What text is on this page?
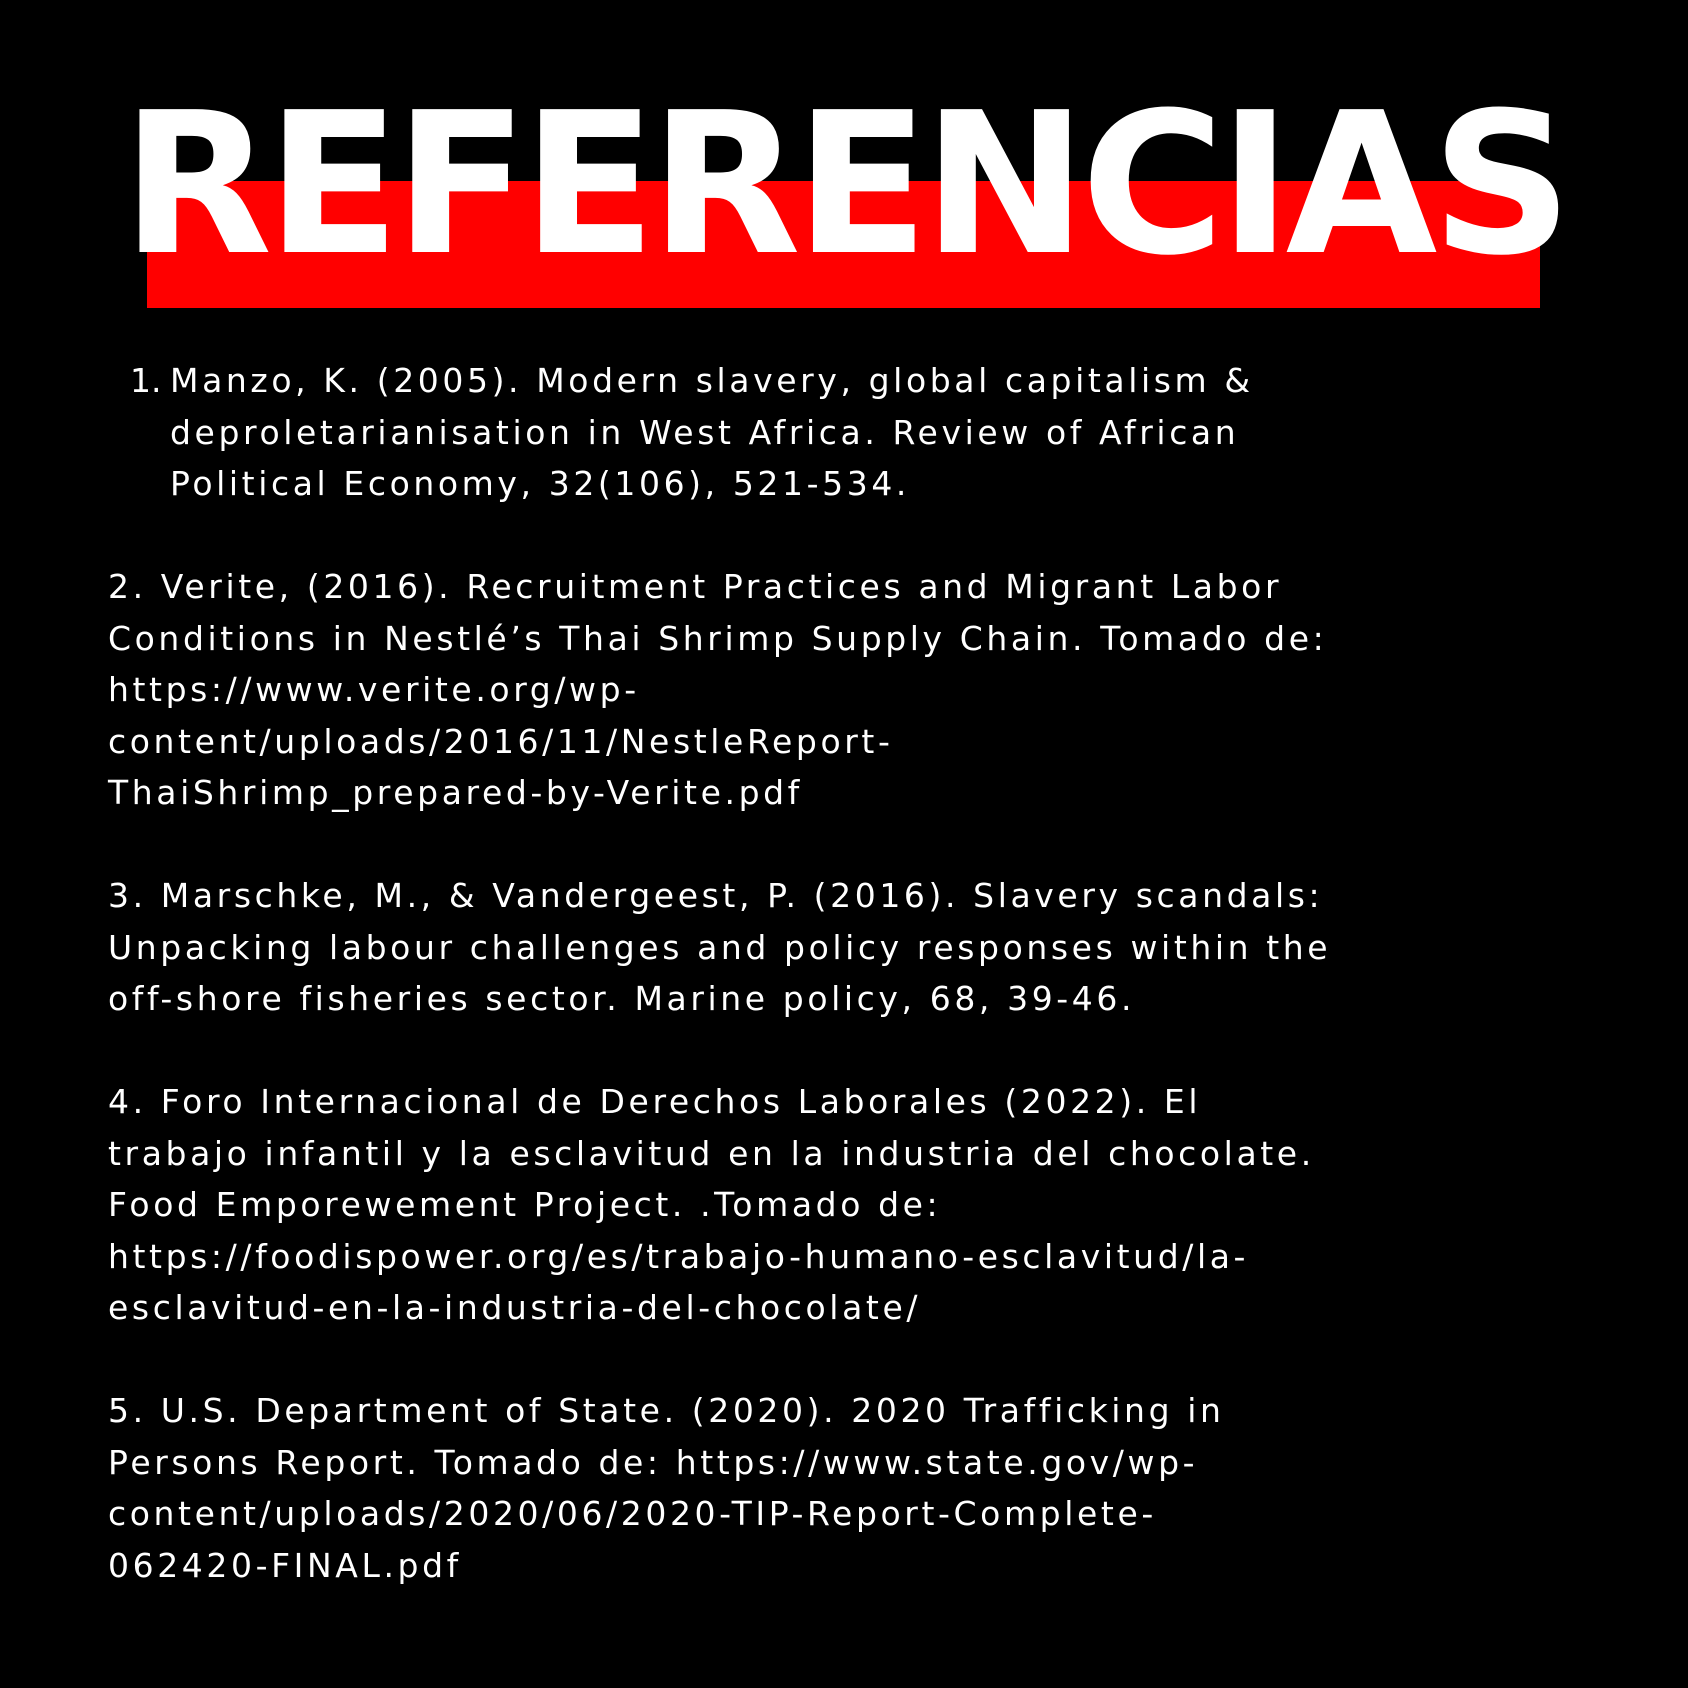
REFERENCIAS
1. Manzo, K. (2005). Modern slavery, global capitalism &
deproletarianisation in West Africa. Review of African
Political Economy, 32(106), 521-534.
2. Verite, (2016). Recruitment Practices and Migrant Labor
Conditions in Nestlé’s Thai Shrimp Supply Chain. Tomado de:
https://www.verite.org/wp-
content/uploads/2016/11/NestleReport-
ThaiShrimp_prepared-by-Verite.pdf
3. Marschke, M., & Vandergeest, P. (2016). Slavery scandals:
Unpacking labour challenges and policy responses within the
off-shore fisheries sector. Marine policy, 68, 39-46.
4. Foro Internacional de Derechos Laborales (2022). El
trabajo infantil y la esclavitud en la industria del chocolate.
Food Emporewement Project. .Tomado de:
https://foodispower.org/es/trabajo-humano-esclavitud/la-
esclavitud-en-la-industria-del-chocolate/
5. U.S. Department of State. (2020). 2020 Trafficking in
Persons Report. Tomado de: https://www.state.gov/wp-
content/uploads/2020/06/2020-TIP-Report-Complete-
062420-FINAL.pdf
